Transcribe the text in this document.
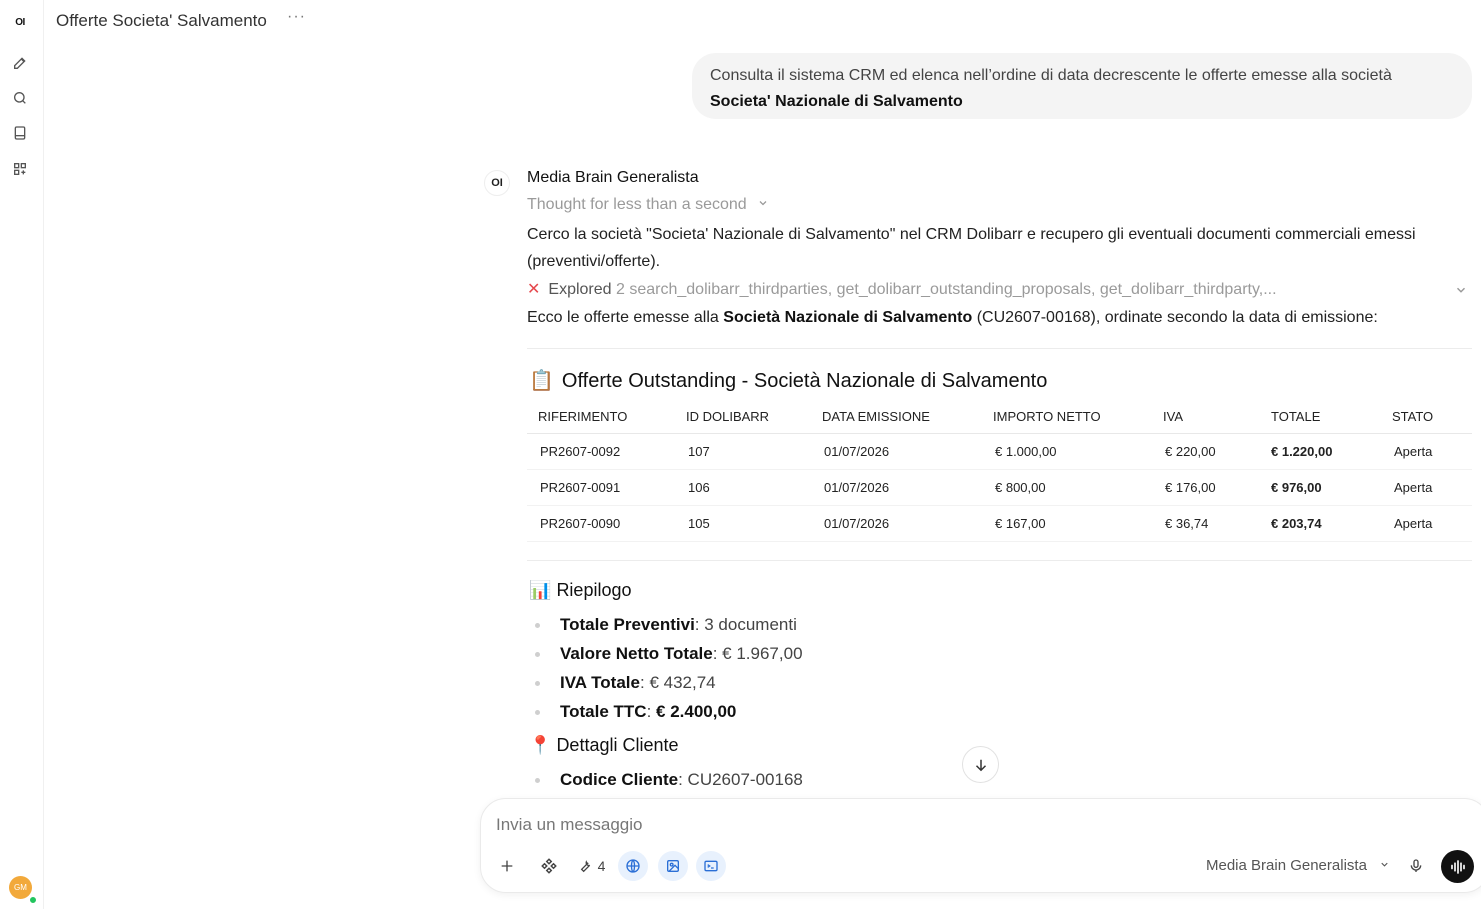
OI
GM
Offerte Societa' Salvamento ···
Consulta il sistema CRM ed elenca nell’ordine di data decrescente le offerte emesse alla società
Societa' Nazionale di Salvamento
OI	Media Brain Generalista
Thought for less than a second
Cerco la società "Societa' Nazionale di Salvamento" nel CRM Dolibarr e recupero gli eventuali documenti commerciali emessi (preventivi/offerte).
✕ Explored 2 search_dolibarr_thirdparties, get_dolibarr_outstanding_proposals, get_dolibarr_thirdparty,...
Ecco le offerte emesse alla Società Nazionale di Salvamento (CU2607-00168), ordinate secondo la data di emissione:
📋 Offerte Outstanding - Società Nazionale di Salvamento
RIFERIMENTO	ID DOLIBARR	DATA EMISSIONE	IMPORTO NETTO	IVA	TOTALE	STATO
PR2607-0092	107	01/07/2026	€ 1.000,00	€ 220,00	€ 1.220,00	Aperta
PR2607-0091	106	01/07/2026	€ 800,00	€ 176,00	€ 976,00	Aperta
PR2607-0090	105	01/07/2026	€ 167,00	€ 36,74	€ 203,74	Aperta
📊 Riepilogo
Totale Preventivi: 3 documenti
Valore Netto Totale: € 1.967,00
IVA Totale: € 432,74
Totale TTC: € 2.400,00
📍 Dettagli Cliente
Codice Cliente: CU2607-00168
Invia un messaggio
4	Media Brain Generalista
